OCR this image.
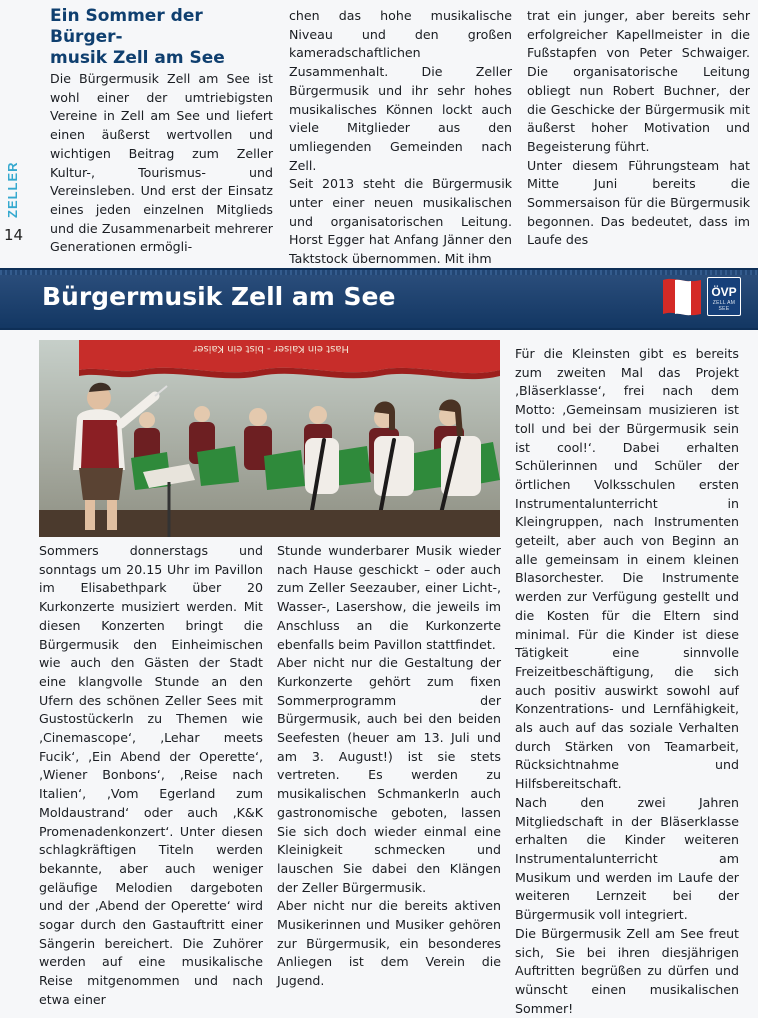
ZELLER
14
Ein Sommer der Bürger-
musik Zell am See

Die Bürgermusik Zell am See ist wohl einer der umtriebigsten Vereine in Zell am See und liefert einen äußerst wertvollen und wichtigen Beitrag zum Zeller Kultur-, Tourismus- und Vereinsleben. Und erst der Einsatz eines jeden einzelnen Mitglieds und die Zusammenarbeit mehrerer Generationen ermögli-

chen das hohe musikalische Niveau und den großen kameradschaftlichen Zusammenhalt. Die Zeller Bürgermusik und ihr sehr hohes musikalisches Können lockt auch viele Mitglieder aus den umliegenden Gemeinden nach Zell.

Seit 2013 steht die Bürgermusik unter einer neuen musikalischen und organisatorischen Leitung. Horst Egger hat Anfang Jänner den Taktstock übernommen. Mit ihm

trat ein junger, aber bereits sehr erfolgreicher Kapellmeister in die Fußstapfen von Peter Schwaiger. Die organisatorische Leitung obliegt nun Robert Buchner, der die Geschicke der Bürgermusik mit äußerst hoher Motivation und Begeisterung führt.

Unter diesem Führungsteam hat Mitte Juni bereits die Sommersaison für die Bürgermusik begonnen. Das bedeutet, dass im Laufe des

Bürgermusik Zell am See	ÖVP
ZELL AM SEE
Hast ein Kaiser - bist ein Kaiser

Sommers donnerstags und sonntags um 20.15 Uhr im Pavillon im Elisabethpark über 20 Kurkonzerte musiziert werden. Mit diesen Konzerten bringt die Bürgermusik den Einheimischen wie auch den Gästen der Stadt eine klangvolle Stunde an den Ufern des schönen Zeller Sees mit Gustostückerln zu Themen wie ‚Cinemascope‘, ‚Lehar meets Fucik‘, ‚Ein Abend der Operette‘, ‚Wiener Bonbons‘, ‚Reise nach Italien‘, ‚Vom Egerland zum Moldaustrand‘ oder auch ‚K&K Promenadenkonzert‘. Unter diesen schlagkräftigen Titeln werden bekannte, aber auch weniger geläufige Melodien dargeboten und der ‚Abend der Operette‘ wird sogar durch den Gastauftritt einer Sängerin bereichert. Die Zuhörer werden auf eine musikalische Reise mitgenommen und nach etwa einer

Stunde wunderbarer Musik wieder nach Hause geschickt – oder auch zum Zeller Seezauber, einer Licht-, Wasser-, Lasershow, die jeweils im Anschluss an die Kurkonzerte ebenfalls beim Pavillon stattfindet.

Aber nicht nur die Gestaltung der Kurkonzerte gehört zum fixen Sommerprogramm der Bürgermusik, auch bei den beiden Seefesten (heuer am 13. Juli und am 3. August!) ist sie stets vertreten. Es werden zu musikalischen Schmankerln auch gastronomische geboten, lassen Sie sich doch wieder einmal eine Kleinigkeit schmecken und lauschen Sie dabei den Klängen der Zeller Bürgermusik.

Aber nicht nur die bereits aktiven Musikerinnen und Musiker gehören zur Bürgermusik, ein besonderes Anliegen ist dem Verein die Jugend.

Für die Kleinsten gibt es bereits zum zweiten Mal das Projekt ‚Bläserklasse‘, frei nach dem Motto: ‚Gemeinsam musizieren ist toll und bei der Bürgermusik sein ist cool!‘. Dabei erhalten Schülerinnen und Schüler der örtlichen Volksschulen ersten Instrumentalunterricht in Kleingruppen, nach Instrumenten geteilt, aber auch von Beginn an alle gemeinsam in einem kleinen Blasorchester. Die Instrumente werden zur Verfügung gestellt und die Kosten für die Eltern sind minimal. Für die Kinder ist diese Tätigkeit eine sinnvolle Freizeitbeschäftigung, die sich auch positiv auswirkt sowohl auf Konzentrations- und Lernfähigkeit, als auch auf das soziale Verhalten durch Stärken von Teamarbeit, Rücksichtnahme und Hilfsbereitschaft.

Nach den zwei Jahren Mitgliedschaft in der Bläserklasse erhalten die Kinder weiteren Instrumentalunterricht am Musikum und werden im Laufe der weiteren Lernzeit bei der Bürgermusik voll integriert.

Die Bürgermusik Zell am See freut sich, Sie bei ihren diesjährigen Auftritten begrüßen zu dürfen und wünscht einen musikalischen Sommer!
